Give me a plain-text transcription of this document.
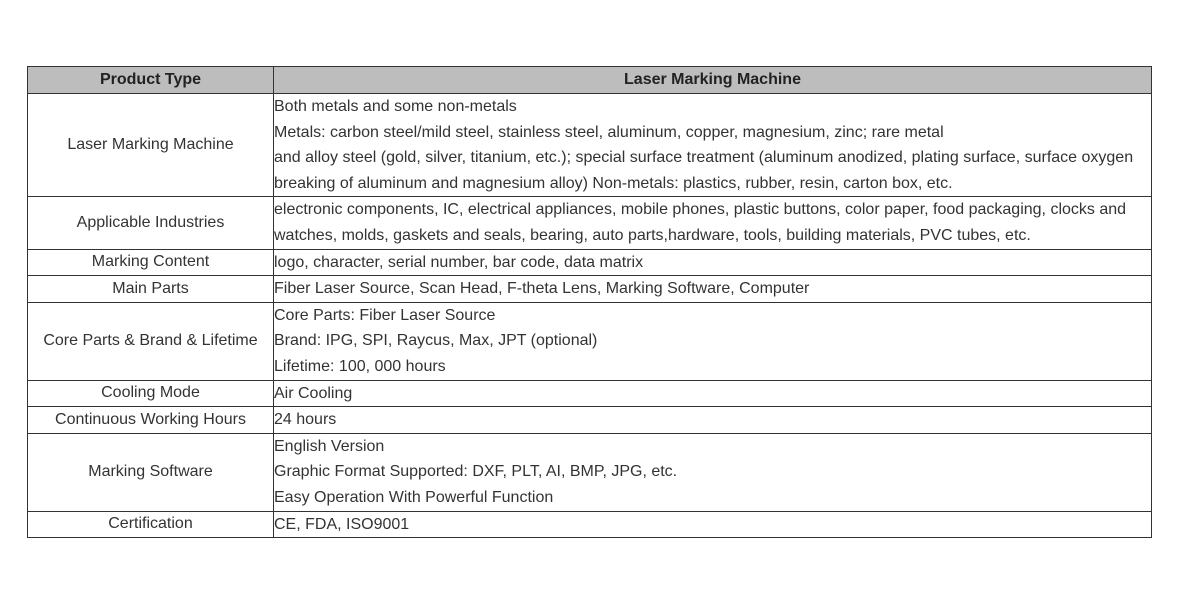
Product Type	Laser Marking Machine
Laser Marking Machine	Both metals and some non-metals
Metals: carbon steel/mild steel, stainless steel, aluminum, copper, magnesium, zinc; rare metal
and alloy steel (gold, silver, titanium, etc.); special surface treatment (aluminum anodized, plating surface, surface oxygen
breaking of aluminum and magnesium alloy) Non-metals: plastics, rubber, resin, carton box, etc.

Applicable Industries	electronic components, IC, electrical appliances, mobile phones, plastic buttons, color paper, food packaging, clocks and
watches, molds, gaskets and seals, bearing, auto parts,hardware, tools, building materials, PVC tubes, etc.

Marking Content	logo, character, serial number, bar code, data matrix

Main Parts	Fiber Laser Source, Scan Head, F-theta Lens, Marking Software, Computer

Core Parts & Brand & Lifetime	Core Parts: Fiber Laser Source
Brand: IPG, SPI, Raycus, Max, JPT (optional)
Lifetime: 100, 000 hours

Cooling Mode	Air Cooling

Continuous Working Hours	24 hours

Marking Software	English Version
Graphic Format Supported: DXF, PLT, AI, BMP, JPG, etc.
Easy Operation With Powerful Function

Certification	CE, FDA, ISO9001
